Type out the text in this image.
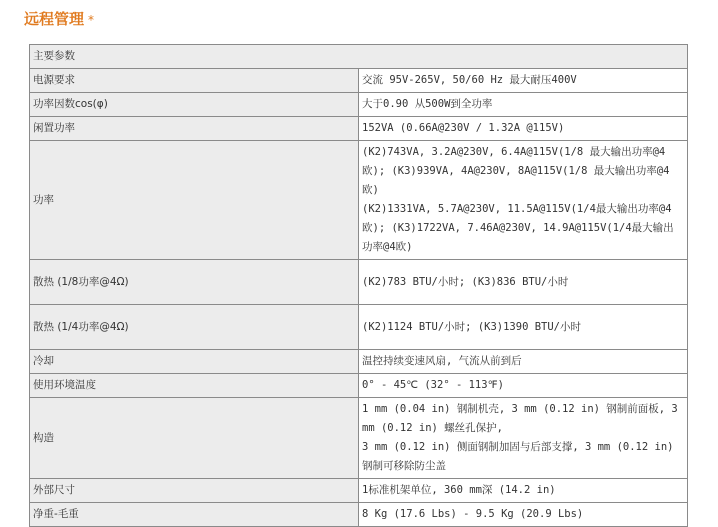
远程管理 *
主要参数	
电源要求	交流 95V-265V, 50/60 Hz 最大耐压400V

功率因数cos(φ)	大于0.90 从500W到全功率

闲置功率	152VA (0.66A@230V / 1.32A @115V)

功率	(K2)743VA, 3.2A@230V, 6.4A@115V(1/8 最大输出功率@4欧); (K3)939VA, 4A@230V, 8A@115V(1/8 最大输出功率@4欧)
(K2)1331VA, 5.7A@230V, 11.5A@115V(1/4最大输出功率@4欧); (K3)1722VA, 7.46A@230V, 14.9A@115V(1/4最大输出功率@4欧)

散热 (1/8功率@4Ω)	(K2)783 BTU/小时; (K3)836 BTU/小时

散热 (1/4功率@4Ω)	(K2)1124 BTU/小时; (K3)1390 BTU/小时

冷却	温控持续变速风扇, 气流从前到后

使用环境温度	0° - 45℃ (32° - 113℉)

构造	1 mm (0.04 in) 钢制机壳, 3 mm (0.12 in) 钢制前面板, 3 mm (0.12 in) 螺丝孔保护,
3 mm (0.12 in) 侧面钢制加固与后部支撑, 3 mm (0.12 in) 钢制可移除防尘盖

外部尺寸	1标准机架单位, 360 mm深 (14.2 in)

净重-毛重	8 Kg (17.6 Lbs) - 9.5 Kg (20.9 Lbs)
